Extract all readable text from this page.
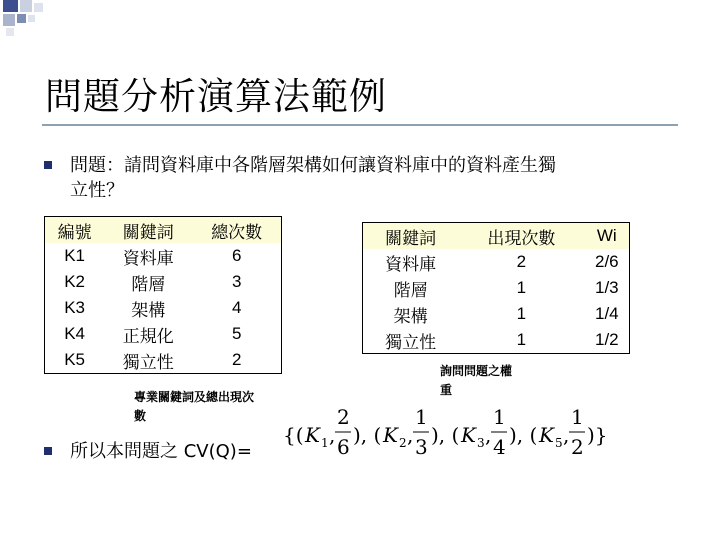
問題分析演算法範例
問題：請問資料庫中各階層架構如何讓資料庫中的資料產生獨
立性？
編號	關鍵詞	總次數
K1	資料庫	6
K2	階層	3
K3	架構	4
K4	正規化	5
K5	獨立性	2
關鍵詞	出現次數	Wi
資料庫	2	2/6
階層	1	1/3
架構	1	1/4
獨立性	1	1/2
專業關鍵詞及總出現次
數
詢問問題之權
重
所以本問題之 CV(Q)=
{( K 1 ,
2
6 ), ( K 2 ,
1
3 ), ( K 3 ,
1
4 ), ( K 5 ,
1
2 )}
